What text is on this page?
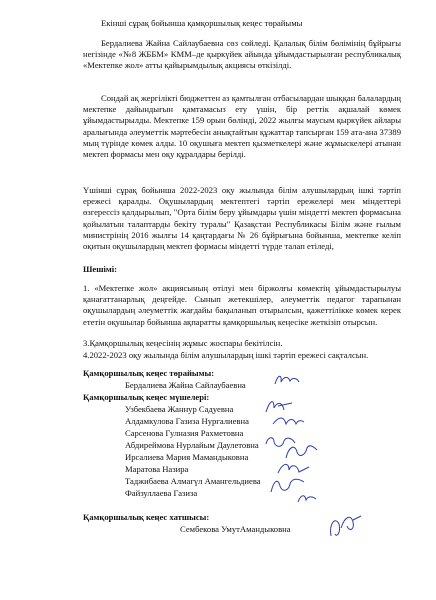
Екінші сұрақ бойынша қамқоршылық кеңес төрайымы

Бердалиева Жайна Сайлаубаевна сөз сөйледі. Қалалық білім бөлімінің бұйрығы негізінде «№8 ЖББМ» КММ–де қыркүйек айында ұйымдастырылған республикалық «Мектепке жол» атты қайырымдылық акциясы өткізілді.

Сондай ақ жергілікті бюджеттен аз қамтылған отбасылардан шыққан балалардың мектепке дайындығын қамтамасыз ету үшін, бір реттік ақшалай көмек ұйымдастырылды. Мектепке 159 орын бөлінді, 2022 жылғы маусым қыркүйек айлары аралығында әлеуметтік мәртебесін анықтайтын құжаттар тапсырған 159 ата-ана 37389 мың түрінде көмек алды. 10 оқушыға мектеп қызметкелері және жұмыскелері атынан мектеп формасы мен оқу құралдары берілді.

Үшінші сұрақ бойынша 2022-2023 оқу жылында білім алушылардың ішкі тәртіп ережесі қаралды. Оқушылардың мектептегі тәртіп ережелері мен міндеттері өзгерессіз қалдырылып, "Орта білім беру ұйымдары үшін міндетті мектеп формасына қойылатын талаптарды бекіту туралы" Қазақстан Республикасы Білім және ғылым министрінің 2016 жылғы 14 қаңтардағы № 26 бұйрығына бойынша, мектепке келіп оқитын оқушылардың мектеп формасы міндетті түрде талап етіледі,

Шешімі:

1. «Мектепке жол» акциясының өтілуі мен біржолғы көмектің ұйымдастырылуы қанағаттанарлық деңгейде. Сынып жетекшілер, әлеуметтік педагог тарапынан оқушылардың әлеуметтік жағдайы бақыланып отырылсын, қажеттілікке көмек керек ететін оқушылар бойынша ақпаратты қамқоршылық кеңесіке жеткізіп отырсын.

3.Қамқоршылық кеңесінің жұмыс жоспары бекітілсін.
4.2022-2023 оқу жылында білім алушылардың ішкі тәртіп ережесі сақталсын.
Қамқоршылық кеңес төрайымы:
Бердалиева Жайна Сайлаубаевна
Қамқоршылық кеңес мүшелері:
Узбекбаева Жаннур Садуевна
Алдамкулова Газиза Нургалиевна
Сарсенова Гулназия Рахметовна
Абдиреймова Нурлайым Даулетовна
Ирсалиева Мария Мамандыковна
Маратова Назира
Таджибаева Алмагүл Амангельдиева
Файзуллаева Газиза
Қамқоршылық кеңес хатшысы:
Сембекова УмутАмандыковна
